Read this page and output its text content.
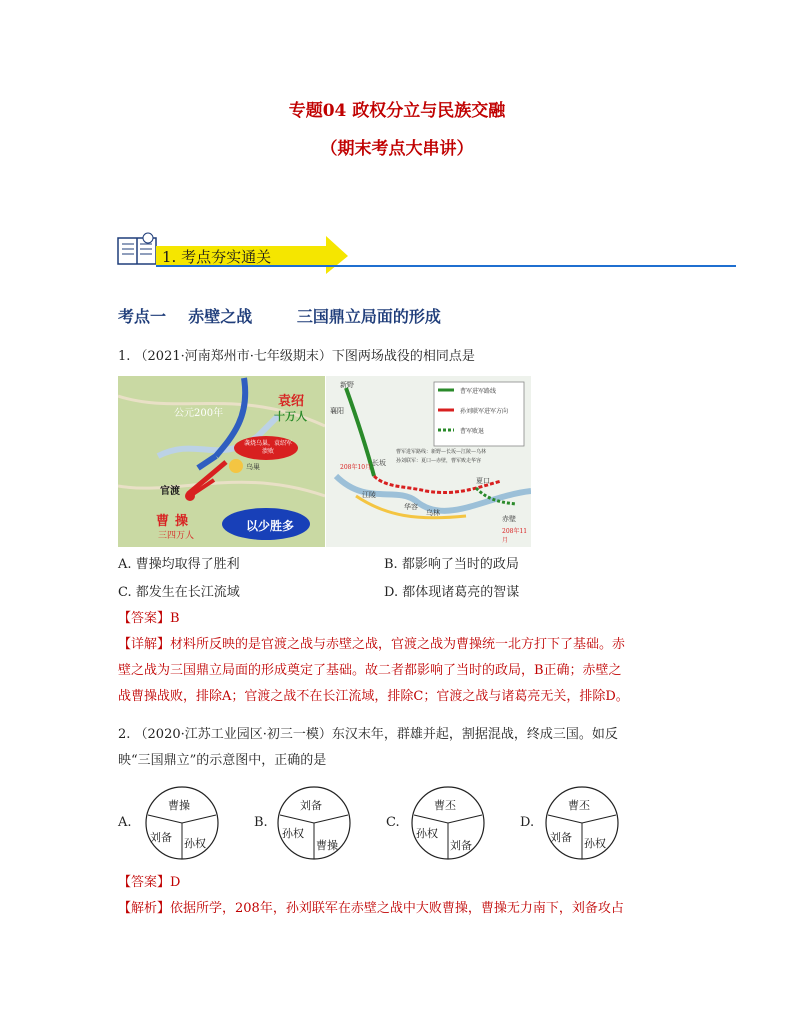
专题04 政权分立与民族交融
（期末考点大串讲）
1. 考点夯实通关
考点一    赤壁之战        三国鼎立局面的形成
1. （2021·河南郑州市·七年级期末）下图两场战役的相同点是
袁绍
十万人
公元200年
袭烧乌巢，袁绍军溃败
乌巢
官渡
曹操
三四万人
以少胜多
曹军进军路线
孙刘联军进军方向
曹军败退
新野
襄阳
长坂
江陵
华容
乌林
夏口
赤壁
208年10月
208年11月
曹军进军路线：新野—长坂—江陵—乌林
孙刘联军：夏口—赤壁，曹军败走华容
A. 曹操均取得了胜利	B. 都影响了当时的政局
C. 都发生在长江流域	D. 都体现诸葛亮的智谋
【答案】B
【详解】材料所反映的是官渡之战与赤壁之战，官渡之战为曹操统一北方打下了基础。赤
壁之战为三国鼎立局面的形成奠定了基础。故二者都影响了当时的政局，B正确；赤壁之
战曹操战败，排除A；官渡之战不在长江流域，排除C；官渡之战与诸葛亮无关，排除D。
2. （2020·江苏工业园区·初三一模）东汉末年，群雄并起，割据混战，终成三国。如反
映“三国鼎立”的示意图中，正确的是
A.
曹操
刘备 孙权
B.
刘备
孙权
曹操
C.
曹丕
孙权
刘备
D.
曹丕
刘备 孙权
【答案】D
【解析】依据所学，208年，孙刘联军在赤壁之战中大败曹操，曹操无力南下，刘备攻占
